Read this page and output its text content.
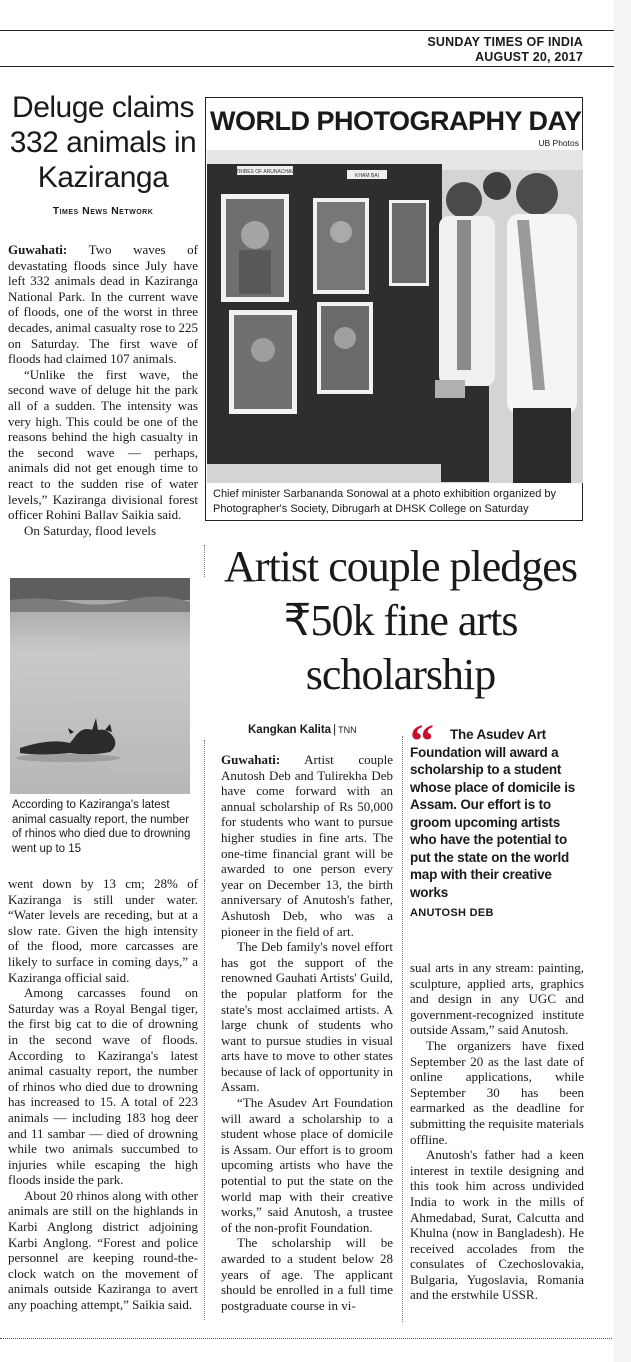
SUNDAY TIMES OF INDIA
AUGUST 20, 2017
Deluge claims 332 animals in Kaziranga
Times News Network

Guwahati: Two waves of devastating floods since July have left 332 animals dead in Kaziranga National Park. In the current wave of floods, one of the worst in three decades, animal casualty rose to 225 on Saturday. The first wave of floods had claimed 107 animals.

“Unlike the first wave, the second wave of deluge hit the park all of a sudden. The intensity was very high. This could be one of the reasons behind the high casualty in the second wave — perhaps, animals did not get enough time to react to the sudden rise of water levels,” Kaziranga divisional forest officer Rohini Ballav Saikia said.

On Saturday, flood levels

According to Kaziranga's latest animal casualty report, the number of rhinos who died due to drowning went up to 15

went down by 13 cm; 28% of Kaziranga is still under water. “Water levels are receding, but at a slow rate. Given the high intensity of the flood, more carcasses are likely to surface in coming days,” a Kaziranga official said.

Among carcasses found on Saturday was a Royal Bengal tiger, the first big cat to die of drowning in the second wave of floods. According to Kaziranga's latest animal casualty report, the number of rhinos who died due to drowning has increased to 15. A total of 223 animals — including 183 hog deer and 11 sambar — died of drowning while two animals succumbed to injuries while escaping the high floods inside the park.

About 20 rhinos along with other animals are still on the highlands in Karbi Anglong district adjoining Karbi Anglong. “Forest and police personnel are keeping round-the-clock watch on the movement of animals outside Kaziranga to avert any poaching attempt,” Saikia said.

WORLD PHOTOGRAPHY DAY
UB Photos
TRIBES OF ARUNACHAL
KHAM BAI
Chief minister Sarbananda Sonowal at a photo exhibition organized by Photographer's Society, Dibrugarh at DHSK College on Saturday
Artist couple pledges ₹50k fine arts scholarship
Kangkan Kalita | TNN

Guwahati: Artist couple Anutosh Deb and Tulirekha Deb have come forward with an annual scholarship of Rs 50,000 for students who want to pursue higher studies in fine arts. The one-time financial grant will be awarded to one person every year on December 13, the birth anniversary of Anutosh's father, Ashutosh Deb, who was a pioneer in the field of art.

The Deb family's novel effort has got the support of the renowned Gauhati Artists' Guild, the popular platform for the state's most acclaimed artists. A large chunk of students who want to pursue studies in visual arts have to move to other states because of lack of opportunity in Assam.

“The Asudev Art Foundation will award a scholarship to a student whose place of domicile is Assam. Our effort is to groom upcoming artists who have the potential to put the state on the world map with their creative works,” said Anutosh, a trustee of the non-profit Foundation.

The scholarship will be awarded to a student below 28 years of age. The applicant should be enrolled in a full time postgraduate course in vi-

“	The Asudev Art Foundation will award a scholarship to a student whose place of domicile is Assam. Our effort is to groom upcoming artists who have the potential to put the state on the world map with their creative works
ANUTOSH DEB

sual arts in any stream: painting, sculpture, applied arts, graphics and design in any UGC and government-recognized institute outside Assam,” said Anutosh.

The organizers have fixed September 20 as the last date of online applications, while September 30 has been earmarked as the deadline for submitting the requisite materials offline.

Anutosh's father had a keen interest in textile designing and this took him across undivided India to work in the mills of Ahmedabad, Surat, Calcutta and Khulna (now in Bangladesh). He received accolades from the consulates of Czechoslovakia, Bulgaria, Yugoslavia, Romania and the erstwhile USSR.
